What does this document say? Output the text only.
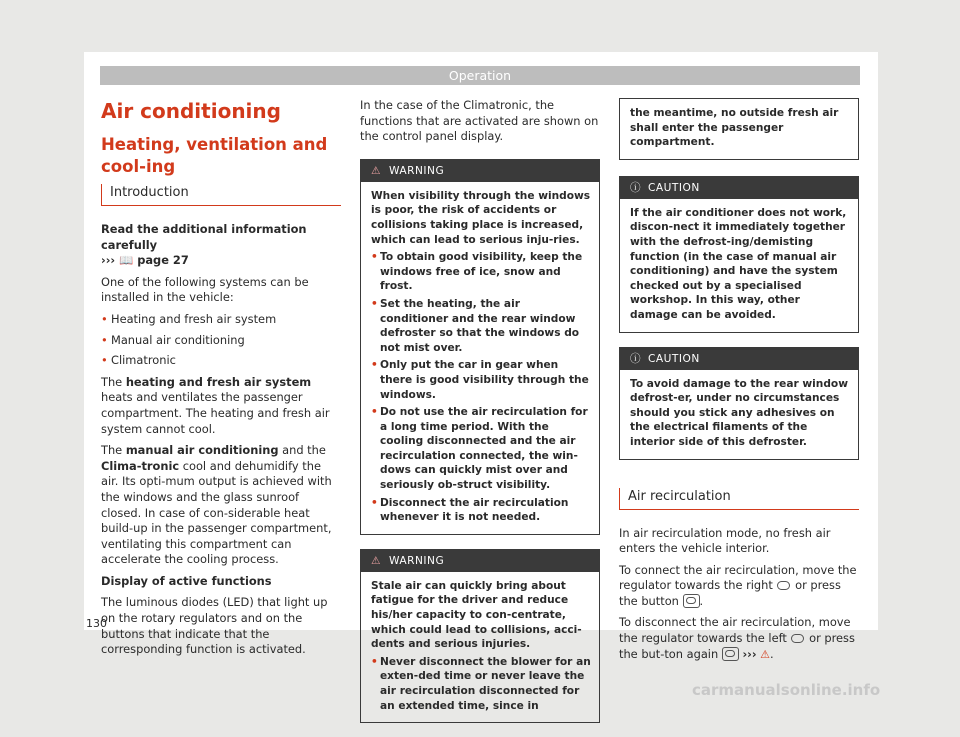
Operation
Air conditioning
Heating, ventilation and cool-ing
Introduction

Read the additional information carefully
››› 📖 page 27

One of the following systems can be installed in the vehicle:

• Heating and fresh air system
• Manual air conditioning
• Climatronic

The heating and fresh air system heats and ventilates the passenger compartment. The heating and fresh air system cannot cool.

The manual air conditioning and the Clima-tronic cool and dehumidify the air. Its opti-mum output is achieved with the windows and the glass sunroof closed. In case of con-siderable heat build-up in the passenger compartment, ventilating this compartment can accelerate the cooling process.

Display of active functions

The luminous diodes (LED) that light up on the rotary regulators and on the buttons that indicate that the corresponding function is activated.

In the case of the Climatronic, the functions that are activated are shown on the control panel display.

⚠ WARNING

When visibility through the windows is poor, the risk of accidents or collisions taking place is increased, which can lead to serious inju-ries.

• To obtain good visibility, keep the windows free of ice, snow and frost.
• Set the heating, the air conditioner and the rear window defroster so that the windows do not mist over.
• Only put the car in gear when there is good visibility through the windows.
• Do not use the air recirculation for a long time period. With the cooling disconnected and the air recirculation connected, the win-dows can quickly mist over and seriously ob-struct visibility.
• Disconnect the air recirculation whenever it is not needed.
⚠ WARNING

Stale air can quickly bring about fatigue for the driver and reduce his/her capacity to con-centrate, which could lead to collisions, acci-dents and serious injuries.

• Never disconnect the blower for an exten-ded time or never leave the air recirculation disconnected for an extended time, since in

the meantime, no outside fresh air shall enter the passenger compartment.

ⓘ CAUTION

If the air conditioner does not work, discon-nect it immediately together with the defrost-ing/demisting function (in the case of manual air conditioning) and have the system checked out by a specialised workshop. In this way, other damage can be avoided.

ⓘ CAUTION

To avoid damage to the rear window defrost-er, under no circumstances should you stick any adhesives on the electrical filaments of the interior side of this defroster.

Air recirculation

In air recirculation mode, no fresh air enters the vehicle interior.

To connect the air recirculation, move the regulator towards the right or press the button .

To disconnect the air recirculation, move the regulator towards the left or press the but-ton again ››› ⚠.

130
carmanualsonline.info
